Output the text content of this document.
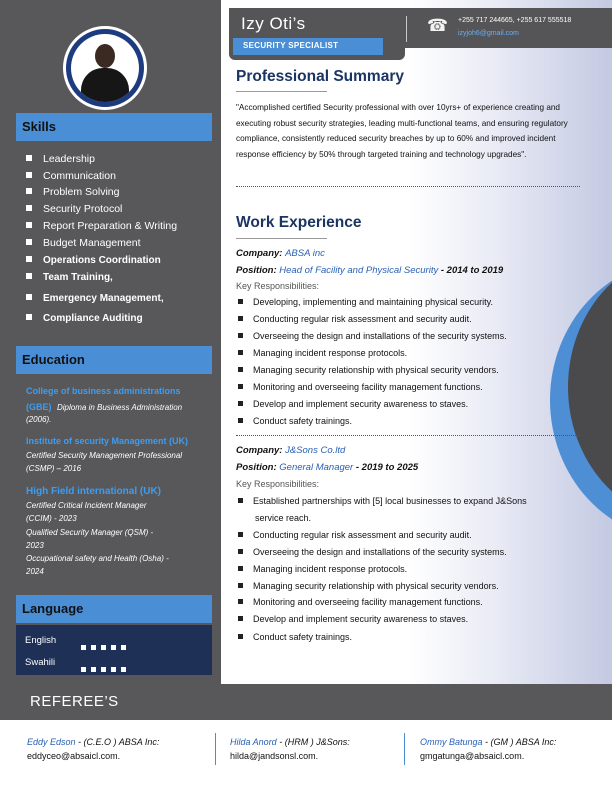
Izy Oti’s
SECURITY SPECIALIST
☎ +255 717 244665, +255 617 555518
izyjoh6@gmail.com
Skills
Leadership
Communication
Problem Solving
Security Protocol
Report Preparation & Writing
Budget Management
Operations Coordination
Team Training,
Emergency Management,
Compliance Auditing
Education
College of business administrations
(GBE) Diploma in Business Administration
(2006).
Institute of security Management (UK)
Certified Security Management Professional
(CSMP) – 2016
High Field international (UK)
Certified Critical Incident Manager
(CCIM) - 2023
Qualified Security Manager (QSM) -
2023
Occupational safety and Health (Osha) -
2024
Language
English
Swahili
Professional Summary
"Accomplished certified Security professional with over 10yrs+ of experience creating and executing robust security strategies, leading multi-functional teams, and ensuring regulatory compliance, consistently reduced security breaches by up to 60% and improved incident response efficiency by 50% through targeted training and technology upgrades".
Work Experience
Company: ABSA inc
Position: Head of Facility and Physical Security - 2014 to 2019
Key Responsibilities:
Developing, implementing and maintaining physical security.
Conducting regular risk assessment and security audit.
Overseeing the design and installations of the security systems.
Managing incident response protocols.
Managing security relationship with physical security vendors.
Monitoring and overseeing facility management functions.
Develop and implement security awareness to staves.
Conduct safety trainings.
Company: J&Sons Co.ltd
Position: General Manager - 2019 to 2025
Key Responsibilities:
Established partnerships with [5] local businesses to expand J&Sons
service reach.
Conducting regular risk assessment and security audit.
Overseeing the design and installations of the security systems.
Managing incident response protocols.
Managing security relationship with physical security vendors.
Monitoring and overseeing facility management functions.
Develop and implement security awareness to staves.
Conduct safety trainings.
REFEREE’S
Eddy Edson - (C.E.O ) ABSA Inc:
eddyceo@absaicl.com.
Hilda Anord - (HRM ) J&Sons:
hilda@jandsonsl.com.
Ommy Batunga - (GM ) ABSA Inc:
gmgatunga@absaicl.com.
